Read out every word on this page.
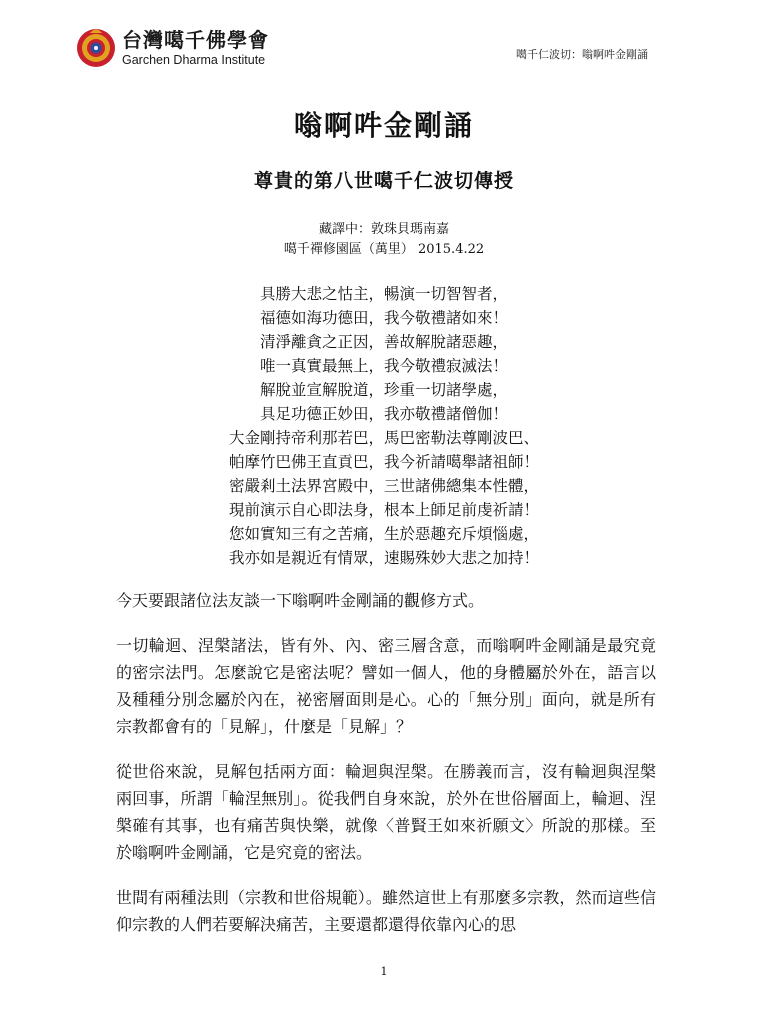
台灣噶千佛學會
Garchen Dharma Institute	噶千仁波切：嗡啊吽金剛誦
嗡啊吽金剛誦
尊貴的第八世噶千仁波切傳授
藏譯中：敦珠貝瑪南嘉
噶千禪修園區（萬里） 2015.4.22
具勝大悲之怙主，暢演一切智智者，
福德如海功德田，我今敬禮諸如來！
清淨離貪之正因，善故解脫諸惡趣，
唯一真實最無上，我今敬禮寂滅法！
解脫並宣解脫道，珍重一切諸學處，
具足功德正妙田，我亦敬禮諸僧伽！
大金剛持帝利那若巴，馬巴密勒法尊剛波巴、
帕摩竹巴佛王直貢巴，我今祈請噶舉諸祖師！
密嚴剎土法界宮殿中，三世諸佛總集本性體，
現前演示自心即法身，根本上師足前虔祈請！
您如實知三有之苦痛，生於惡趣充斥煩惱處，
我亦如是親近有情眾，速賜殊妙大悲之加持！

今天要跟諸位法友談一下嗡啊吽金剛誦的觀修方式。

一切輪迴、涅槃諸法，皆有外、內、密三層含意，而嗡啊吽金剛誦是最究竟的密宗法門。怎麼說它是密法呢？譬如一個人，他的身體屬於外在，語言以及種種分別念屬於內在，祕密層面則是心。心的「無分別」面向，就是所有宗教都會有的「見解」，什麼是「見解」？

從世俗來說，見解包括兩方面：輪迴與涅槃。在勝義而言，沒有輪迴與涅槃兩回事，所謂「輪涅無別」。從我們自身來說，於外在世俗層面上，輪迴、涅槃確有其事，也有痛苦與快樂，就像〈普賢王如來祈願文〉所說的那樣。至於嗡啊吽金剛誦，它是究竟的密法。

世間有兩種法則（宗教和世俗規範）。雖然這世上有那麼多宗教，然而這些信仰宗教的人們若要解決痛苦，主要還都還得依靠內心的思

1
